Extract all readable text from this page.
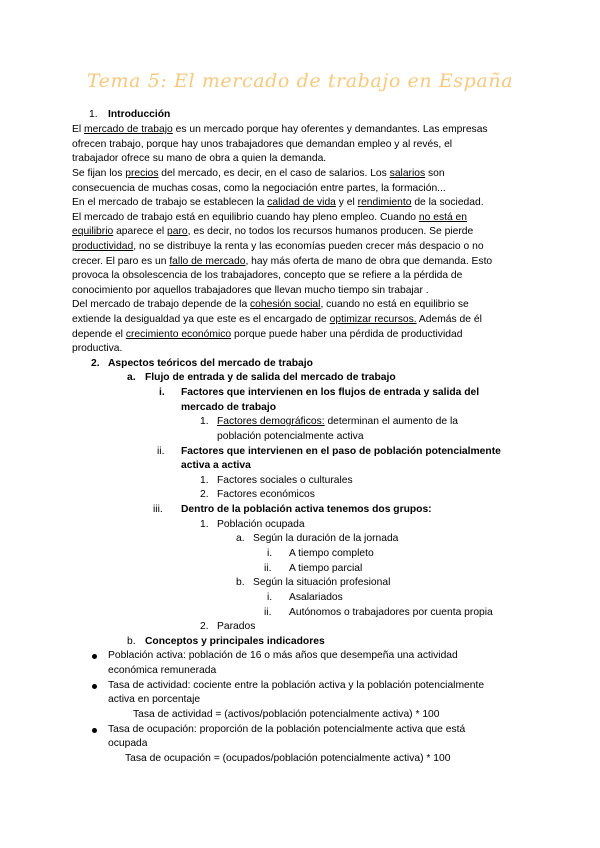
Tema 5: El mercado de trabajo en España
1. Introducción
El mercado de trabajo es un mercado porque hay oferentes y demandantes. Las empresas
ofrecen trabajo, porque hay unos trabajadores que demandan empleo y al revés, el
trabajador ofrece su mano de obra a quien la demanda.
Se fijan los precios del mercado, es decir, en el caso de salarios. Los salarios son
consecuencia de muchas cosas, como la negociación entre partes, la formación...
En el mercado de trabajo se establecen la calidad de vida y el rendimiento de la sociedad.
El mercado de trabajo está en equilibrio cuando hay pleno empleo. Cuando no está en
equilibrio aparece el paro, es decir, no todos los recursos humanos producen. Se pierde
productividad, no se distribuye la renta y las economías pueden crecer más despacio o no
crecer. El paro es un fallo de mercado, hay más oferta de mano de obra que demanda. Esto
provoca la obsolescencia de los trabajadores, concepto que se refiere a la pérdida de
conocimiento por aquellos trabajadores que llevan mucho tiempo sin trabajar .
Del mercado de trabajo depende de la cohesión social, cuando no está en equilibrio se
extiende la desigualdad ya que este es el encargado de optimizar recursos. Además de él
depende el crecimiento económico porque puede haber una pérdida de productividad
productiva.
2. Aspectos teóricos del mercado de trabajo
a. Flujo de entrada y de salida del mercado de trabajo
i. Factores que intervienen en los flujos de entrada y salida del
mercado de trabajo
1. Factores demográficos: determinan el aumento de la
población potencialmente activa
ii. Factores que intervienen en el paso de población potencialmente
activa a activa
1. Factores sociales o culturales
2. Factores económicos
iii. Dentro de la población activa tenemos dos grupos:
1. Población ocupada
a. Según la duración de la jornada
i. A tiempo completo
ii. A tiempo parcial
b. Según la situación profesional
i. Asalariados
ii. Autónomos o trabajadores por cuenta propia
2. Parados
b. Conceptos y principales indicadores
Población activa: población de 16 o más años que desempeña una actividad
económica remunerada
Tasa de actividad: cociente entre la población activa y la población potencialmente
activa en porcentaje
Tasa de actividad = (activos/población potencialmente activa) * 100
Tasa de ocupación: proporción de la población potencialmente activa que está
ocupada
Tasa de ocupación = (ocupados/población potencialmente activa) * 100
